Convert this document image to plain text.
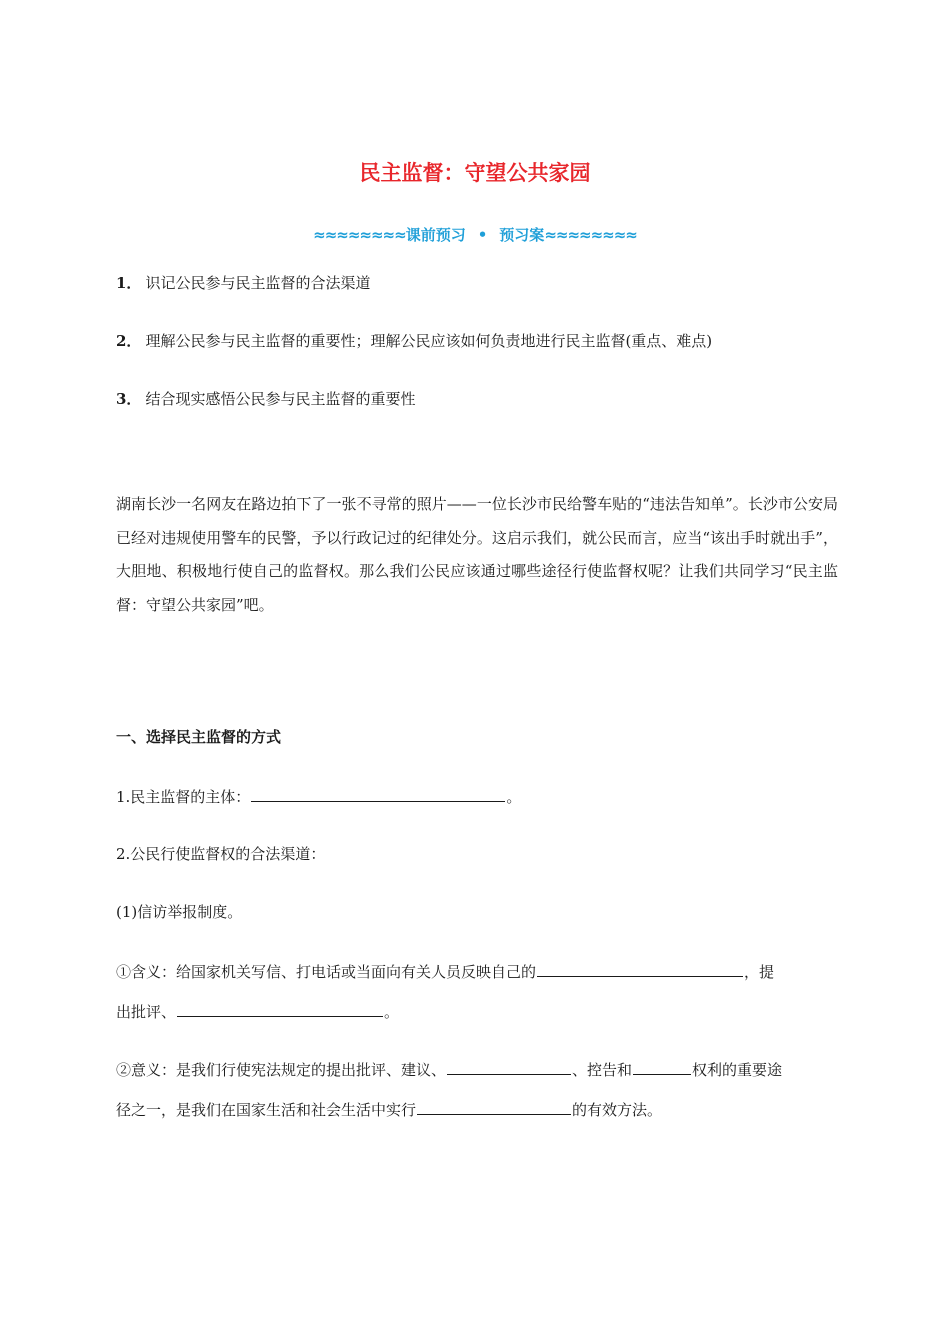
民主监督：守望公共家园
≈≈≈≈≈≈≈≈课前预习 • 预习案≈≈≈≈≈≈≈≈
1． 识记公民参与民主监督的合法渠道
2． 理解公民参与民主监督的重要性；理解公民应该如何负责地进行民主监督(重点、难点)
3． 结合现实感悟公民参与民主监督的重要性
湖南长沙一名网友在路边拍下了一张不寻常的照片——一位长沙市民给警车贴的“违法告知单”。长沙市公安局已经对违规使用警车的民警，予以行政记过的纪律处分。这启示我们，就公民而言，应当“该出手时就出手”，大胆地、积极地行使自己的监督权。那么我们公民应该通过哪些途径行使监督权呢？让我们共同学习“民主监督：守望公共家园”吧。
一、选择民主监督的方式
1.民主监督的主体：	。
2.公民行使监督权的合法渠道：
(1)信访举报制度。
①含义：给国家机关写信、打电话或当面向有关人员反映自己的	，提
出批评、	。
②意义：是我们行使宪法规定的提出批评、建议、	、控告和	权利的重要途
径之一，是我们在国家生活和社会生活中实行	的有效方法。
